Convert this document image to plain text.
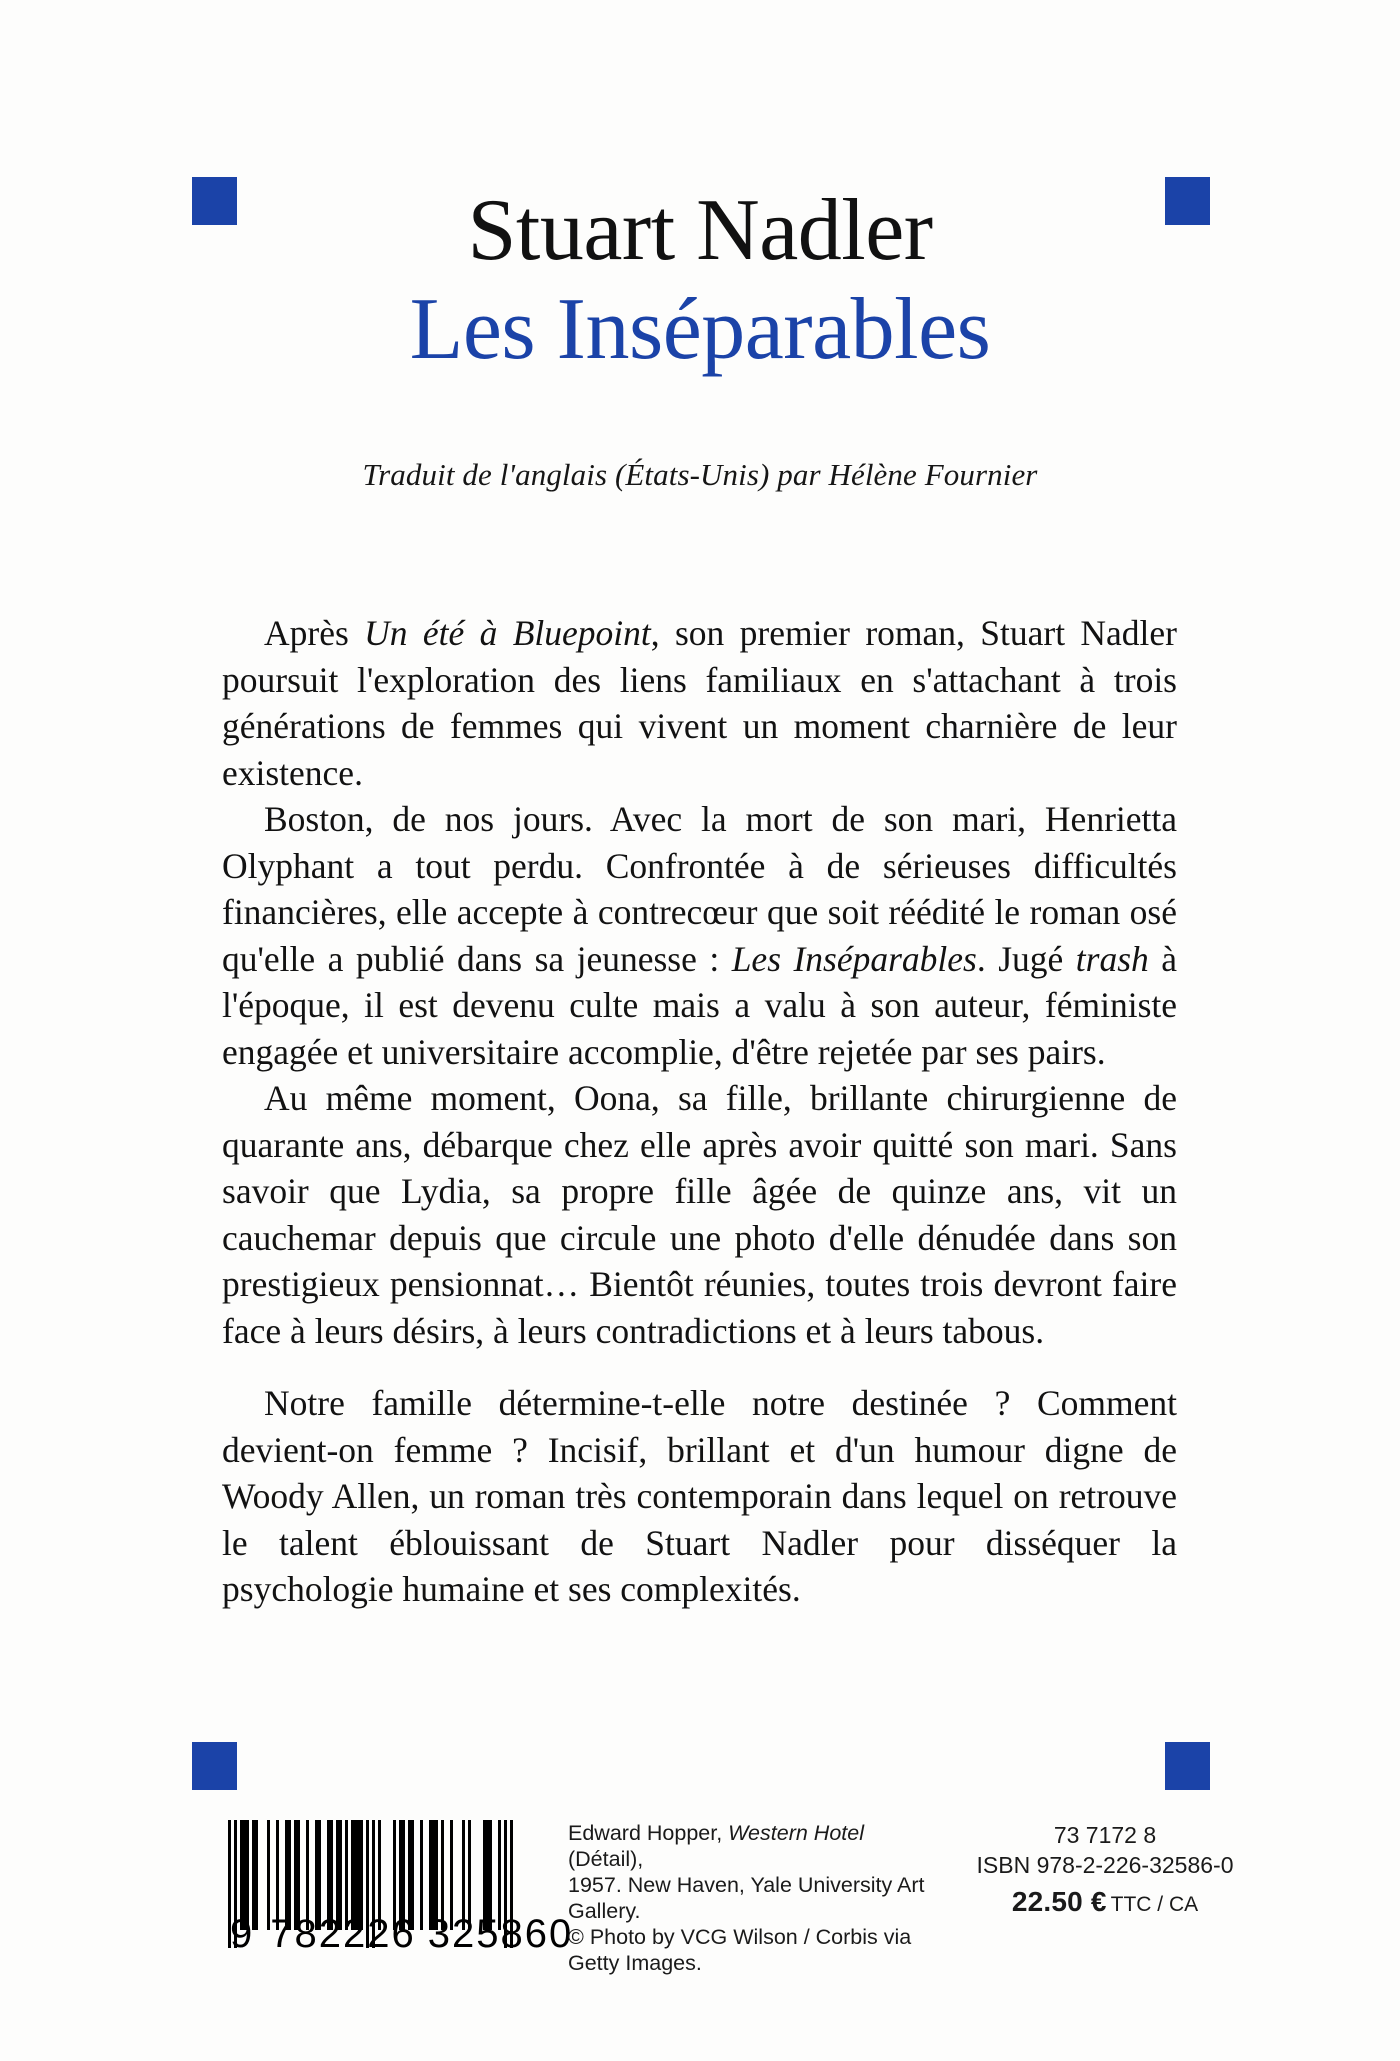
Stuart Nadler
Les Inséparables
Traduit de l'anglais (États-Unis) par Hélène Fournier

Après Un été à Bluepoint, son premier roman, Stuart Nadler poursuit l'exploration des liens familiaux en s'attachant à trois générations de femmes qui vivent un moment charnière de leur existence.

Boston, de nos jours. Avec la mort de son mari, Henrietta Olyphant a tout perdu. Confrontée à de sérieuses difficultés financières, elle accepte à contrecœur que soit réédité le roman osé qu'elle a publié dans sa jeunesse : Les Inséparables. Jugé trash à l'époque, il est devenu culte mais a valu à son auteur, féministe engagée et universitaire accomplie, d'être rejetée par ses pairs.

Au même moment, Oona, sa fille, brillante chirurgienne de quarante ans, débarque chez elle après avoir quitté son mari. Sans savoir que Lydia, sa propre fille âgée de quinze ans, vit un cauchemar depuis que circule une photo d'elle dénudée dans son prestigieux pensionnat… Bientôt réunies, toutes trois devront faire face à leurs désirs, à leurs contradictions et à leurs tabous.

Notre famille détermine-t-elle notre destinée ? Comment devient-on femme ? Incisif, brillant et d'un humour digne de Woody Allen, un roman très contemporain dans lequel on retrouve le talent éblouissant de Stuart Nadler pour disséquer la psychologie humaine et ses complexités.

9 782226 325860
Edward Hopper, Western Hotel (Détail),
1957. New Haven, Yale University Art
Gallery.
© Photo by VCG Wilson / Corbis via
Getty Images.
73 7172 8
ISBN 978-2-226-32586-0
22.50 € TTC / CA
